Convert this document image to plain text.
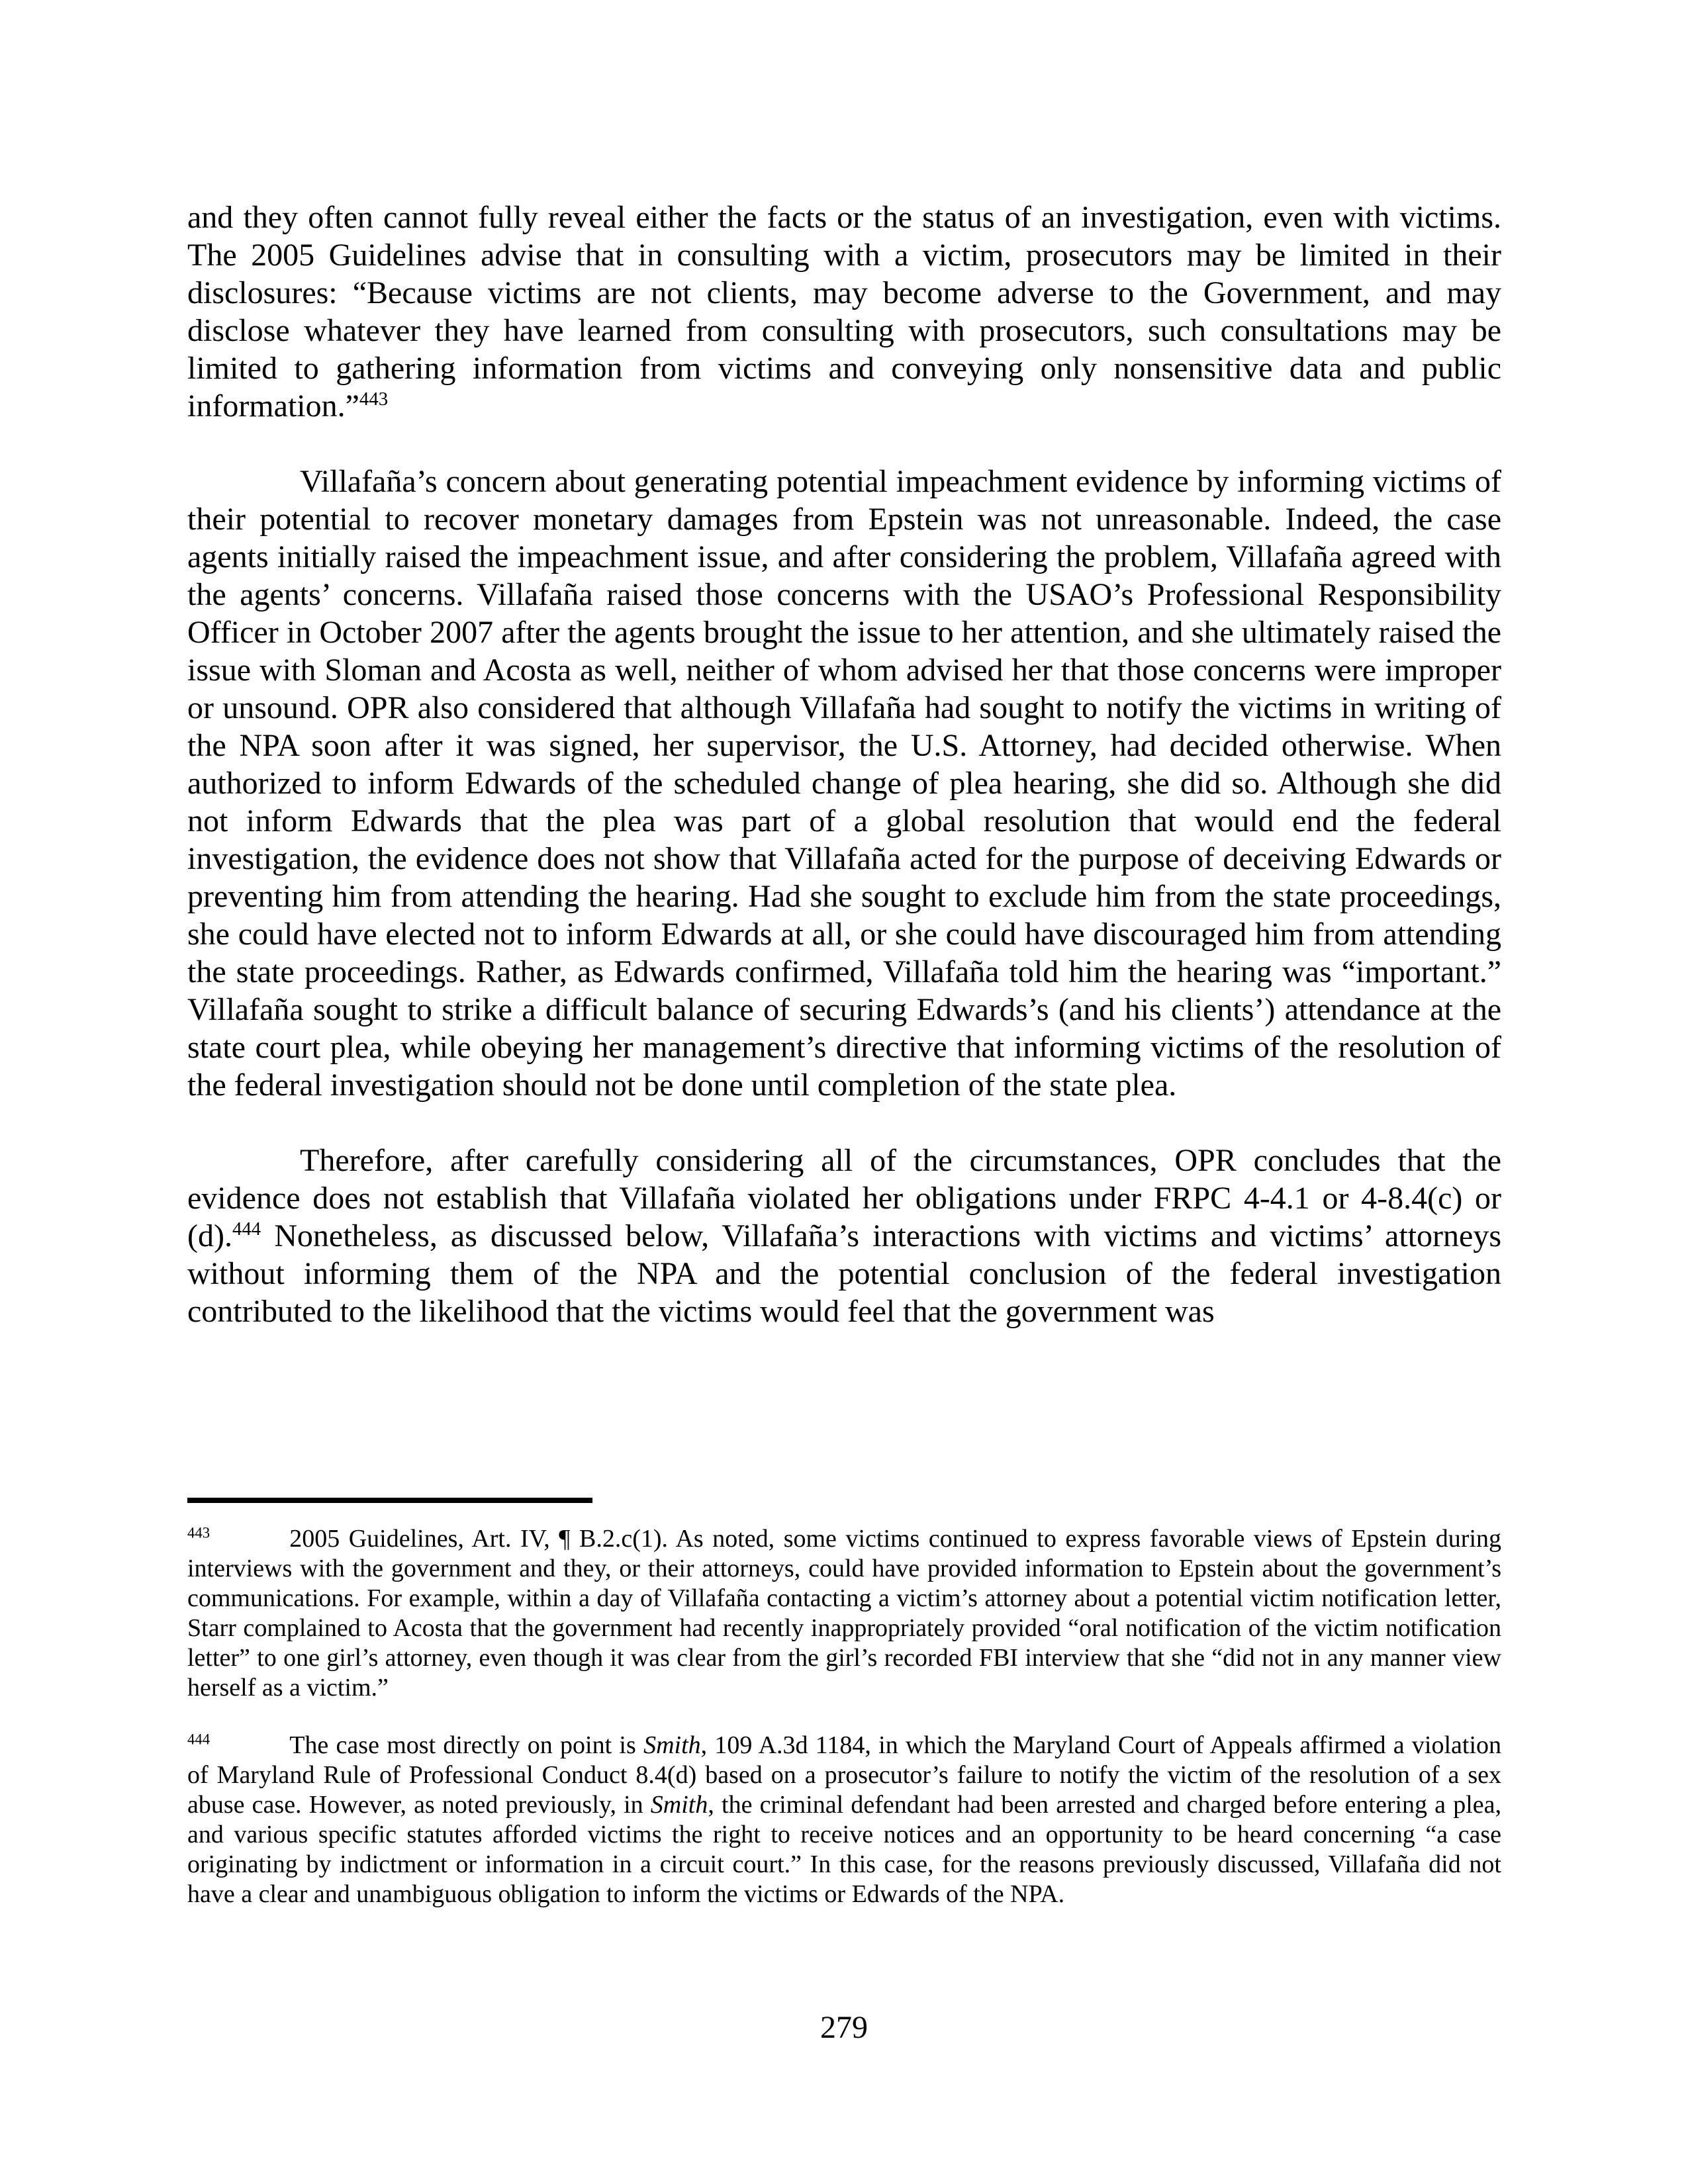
and they often cannot fully reveal either the facts or the status of an investigation, even with victims. The 2005 Guidelines advise that in consulting with a victim, prosecutors may be limited in their disclosures: “Because victims are not clients, may become adverse to the Government, and may disclose whatever they have learned from consulting with prosecutors, such consultations may be limited to gathering information from victims and conveying only nonsensitive data and public information.”$^{443}$

Villafaña’s concern about generating potential impeachment evidence by informing victims of their potential to recover monetary damages from Epstein was not unreasonable. Indeed, the case agents initially raised the impeachment issue, and after considering the problem, Villafaña agreed with the agents’ concerns. Villafaña raised those concerns with the USAO’s Professional Responsibility Officer in October 2007 after the agents brought the issue to her attention, and she ultimately raised the issue with Sloman and Acosta as well, neither of whom advised her that those concerns were improper or unsound. OPR also considered that although Villafaña had sought to notify the victims in writing of the NPA soon after it was signed, her supervisor, the U.S. Attorney, had decided otherwise. When authorized to inform Edwards of the scheduled change of plea hearing, she did so. Although she did not inform Edwards that the plea was part of a global resolution that would end the federal investigation, the evidence does not show that Villafaña acted for the purpose of deceiving Edwards or preventing him from attending the hearing. Had she sought to exclude him from the state proceedings, she could have elected not to inform Edwards at all, or she could have discouraged him from attending the state proceedings. Rather, as Edwards confirmed, Villafaña told him the hearing was “important.” Villafaña sought to strike a difficult balance of securing Edwards’s (and his clients’) attendance at the state court plea, while obeying her management’s directive that informing victims of the resolution of the federal investigation should not be done until completion of the state plea.

Therefore, after carefully considering all of the circumstances, OPR concludes that the evidence does not establish that Villafaña violated her obligations under FRPC 4-4.1 or 4-8.4(c) or (d).$^{444}$ Nonetheless, as discussed below, Villafaña’s interactions with victims and victims’ attorneys without informing them of the NPA and the potential conclusion of the federal investigation contributed to the likelihood that the victims would feel that the government was

$^{443}$	2005 Guidelines, Art. IV, ¶ B.2.c(1). As noted, some victims continued to express favorable views of Epstein during interviews with the government and they, or their attorneys, could have provided information to Epstein about the government’s communications. For example, within a day of Villafaña contacting a victim’s attorney about a potential victim notification letter, Starr complained to Acosta that the government had recently inappropriately provided “oral notification of the victim notification letter” to one girl’s attorney, even though it was clear from the girl’s recorded FBI interview that she “did not in any manner view herself as a victim.”

$^{444}$	The case most directly on point is Smith, 109 A.3d 1184, in which the Maryland Court of Appeals affirmed a violation of Maryland Rule of Professional Conduct 8.4(d) based on a prosecutor’s failure to notify the victim of the resolution of a sex abuse case. However, as noted previously, in Smith, the criminal defendant had been arrested and charged before entering a plea, and various specific statutes afforded victims the right to receive notices and an opportunity to be heard concerning “a case originating by indictment or information in a circuit court.” In this case, for the reasons previously discussed, Villafaña did not have a clear and unambiguous obligation to inform the victims or Edwards of the NPA.

279
